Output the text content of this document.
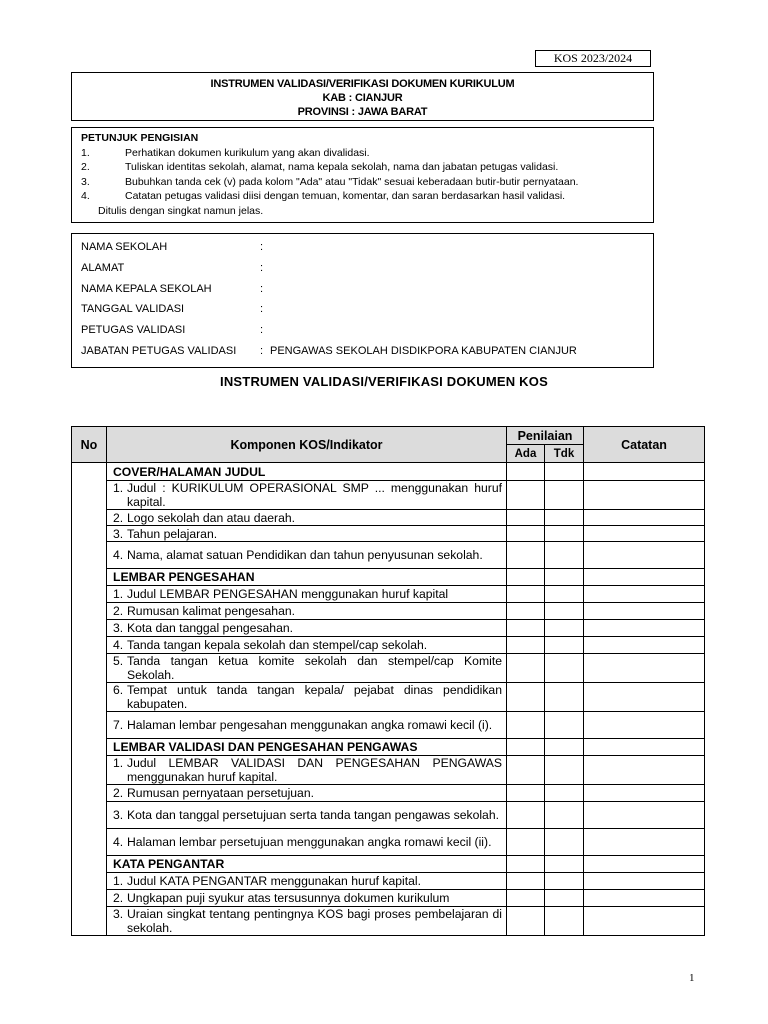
KOS 2023/2024
INSTRUMEN VALIDASI/VERIFIKASI DOKUMEN KURIKULUM
KAB : CIANJUR
PROVINSI : JAWA BARAT
PETUNJUK PENGISIAN
1.	Perhatikan dokumen kurikulum yang akan divalidasi.
2.	Tuliskan identitas sekolah, alamat, nama kepala sekolah, nama dan jabatan petugas validasi.
3.	Bubuhkan tanda cek (v) pada kolom "Ada" atau "Tidak" sesuai keberadaan butir-butir pernyataan.
4.	Catatan petugas validasi diisi dengan temuan, komentar, dan saran berdasarkan hasil validasi.
Ditulis dengan singkat namun jelas.
NAMA SEKOLAH	:
ALAMAT	:
NAMA KEPALA SEKOLAH	:
TANGGAL VALIDASI	:
PETUGAS VALIDASI	:
JABATAN PETUGAS VALIDASI	: PENGAWAS SEKOLAH DISDIKPORA KABUPATEN CIANJUR
INSTRUMEN VALIDASI/VERIFIKASI DOKUMEN KOS
No	Komponen KOS/Indikator	Penilaian		Catatan
		Ada	Tdk	
	COVER/HALAMAN JUDUL			

	1. Judul : KURIKULUM OPERASIONAL SMP ... menggunakan huruf kapital.			

	2. Logo sekolah dan atau daerah.			

	3. Tahun pelajaran.			

	4. Nama, alamat satuan Pendidikan dan tahun penyusunan sekolah.			

	LEMBAR PENGESAHAN			

	1. Judul LEMBAR PENGESAHAN menggunakan huruf kapital			

	2. Rumusan kalimat pengesahan.			

	3. Kota dan tanggal pengesahan.			

	4. Tanda tangan kepala sekolah dan stempel/cap sekolah.			

	5. Tanda tangan ketua komite sekolah dan stempel/cap Komite Sekolah.			

	6. Tempat untuk tanda tangan kepala/ pejabat dinas pendidikan kabupaten.			

	7. Halaman lembar pengesahan menggunakan angka romawi kecil (i).			

	LEMBAR VALIDASI DAN PENGESAHAN PENGAWAS			

	1. Judul LEMBAR VALIDASI DAN PENGESAHAN PENGAWAS menggunakan huruf kapital.			

	2. Rumusan pernyataan persetujuan.			

	3. Kota dan tanggal persetujuan serta tanda tangan pengawas sekolah.			

	4. Halaman lembar persetujuan menggunakan angka romawi kecil (ii).			

	KATA PENGANTAR			

	1. Judul KATA PENGANTAR menggunakan huruf kapital.			

	2. Ungkapan puji syukur atas tersusunnya dokumen kurikulum			

	3. Uraian singkat tentang pentingnya KOS bagi proses pembelajaran di sekolah.			

1
